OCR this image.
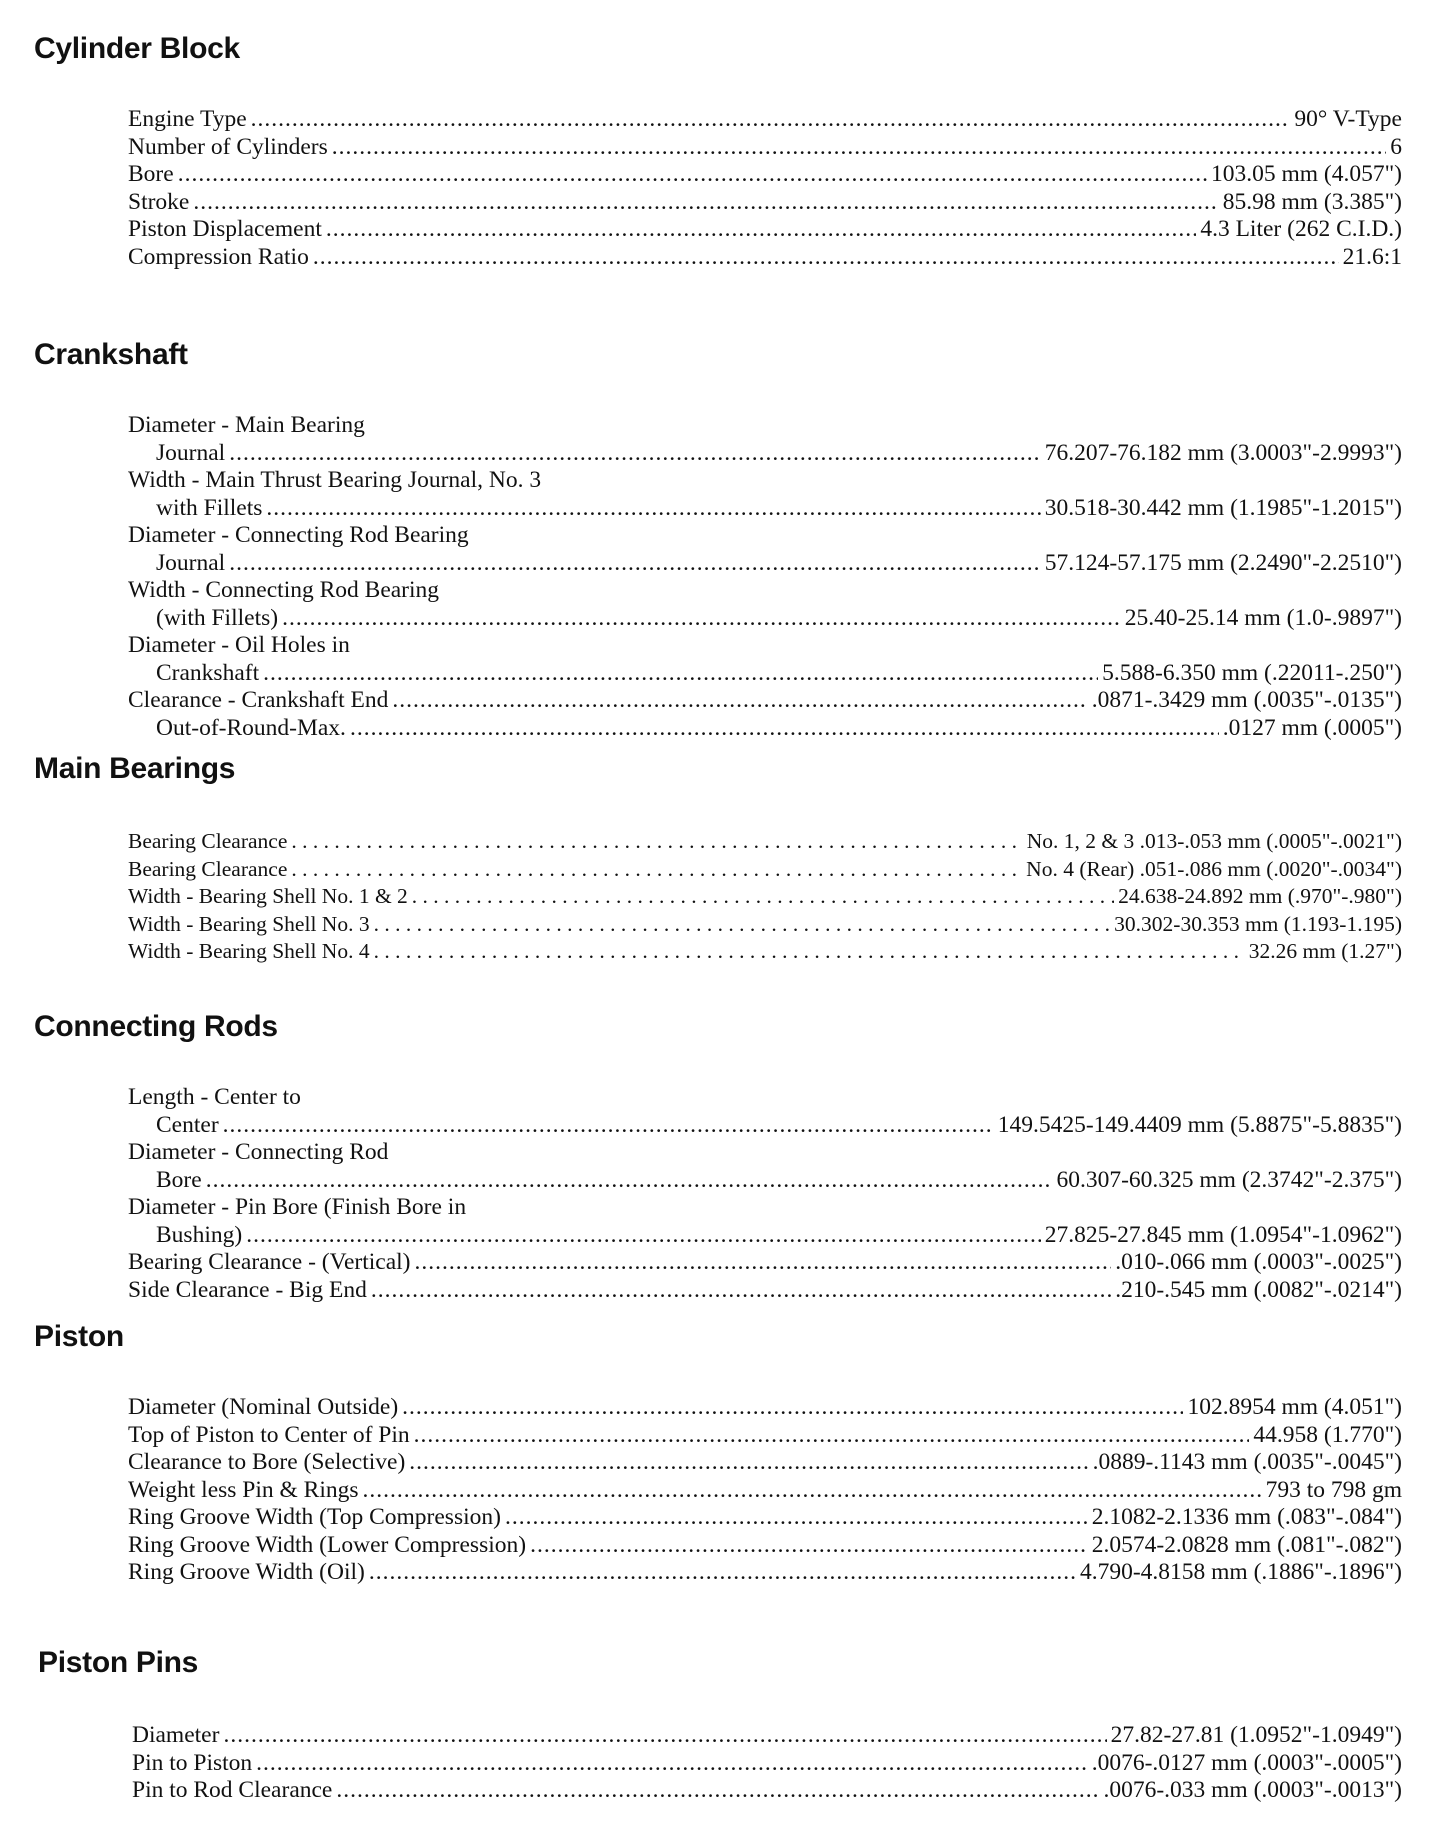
Cylinder Block
Engine Type .....	90° V-Type
Number of Cylinders .....	6
Bore .....	103.05 mm (4.057")
Stroke .....	85.98 mm (3.385")
Piston Displacement .....	4.3 Liter (262 C.I.D.)
Compression Ratio .....	21.6:1
Crankshaft
Diameter - Main Bearing
Journal .....	76.207-76.182 mm (3.0003"-2.9993")
Width - Main Thrust Bearing Journal, No. 3
with Fillets .....	30.518-30.442 mm (1.1985"-1.2015")
Diameter - Connecting Rod Bearing
Journal .....	57.124-57.175 mm (2.2490"-2.2510")
Width - Connecting Rod Bearing
(with Fillets) .....	25.40-25.14 mm (1.0-.9897")
Diameter - Oil Holes in
Crankshaft .....	5.588-6.350 mm (.22011-.250")
Clearance - Crankshaft End .....	.0871-.3429 mm (.0035"-.0135")
Out-of-Round-Max. .....	.0127 mm (.0005")
Main Bearings
Bearing Clearance . . .	No. 1, 2 & 3 .013-.053 mm (.0005"-.0021")
Bearing Clearance . . .	No. 4 (Rear) .051-.086 mm (.0020"-.0034")
Width - Bearing Shell No. 1 & 2 . . .	24.638-24.892 mm (.970"-.980")
Width - Bearing Shell No. 3 . . .	30.302-30.353 mm (1.193-1.195)
Width - Bearing Shell No. 4 . . .	32.26 mm (1.27")
Connecting Rods
Length - Center to
Center .....	149.5425-149.4409 mm (5.8875"-5.8835")
Diameter - Connecting Rod
Bore .....	60.307-60.325 mm (2.3742"-2.375")
Diameter - Pin Bore (Finish Bore in
Bushing) .....	27.825-27.845 mm (1.0954"-1.0962")
Bearing Clearance - (Vertical) .....	.010-.066 mm (.0003"-.0025")
Side Clearance - Big End .....	.210-.545 mm (.0082"-.0214")
Piston
Diameter (Nominal Outside) .....	102.8954 mm (4.051")
Top of Piston to Center of Pin .....	44.958 (1.770")
Clearance to Bore (Selective) .....	.0889-.1143 mm (.0035"-.0045")
Weight less Pin & Rings .....	793 to 798 gm
Ring Groove Width (Top Compression) .....	2.1082-2.1336 mm (.083"-.084")
Ring Groove Width (Lower Compression) .....	2.0574-2.0828 mm (.081"-.082")
Ring Groove Width (Oil) .....	4.790-4.8158 mm (.1886"-.1896")
Piston Pins
Diameter .....	27.82-27.81 (1.0952"-1.0949")
Pin to Piston .....	.0076-.0127 mm (.0003"-.0005")
Pin to Rod Clearance .....	.0076-.033 mm (.0003"-.0013")
